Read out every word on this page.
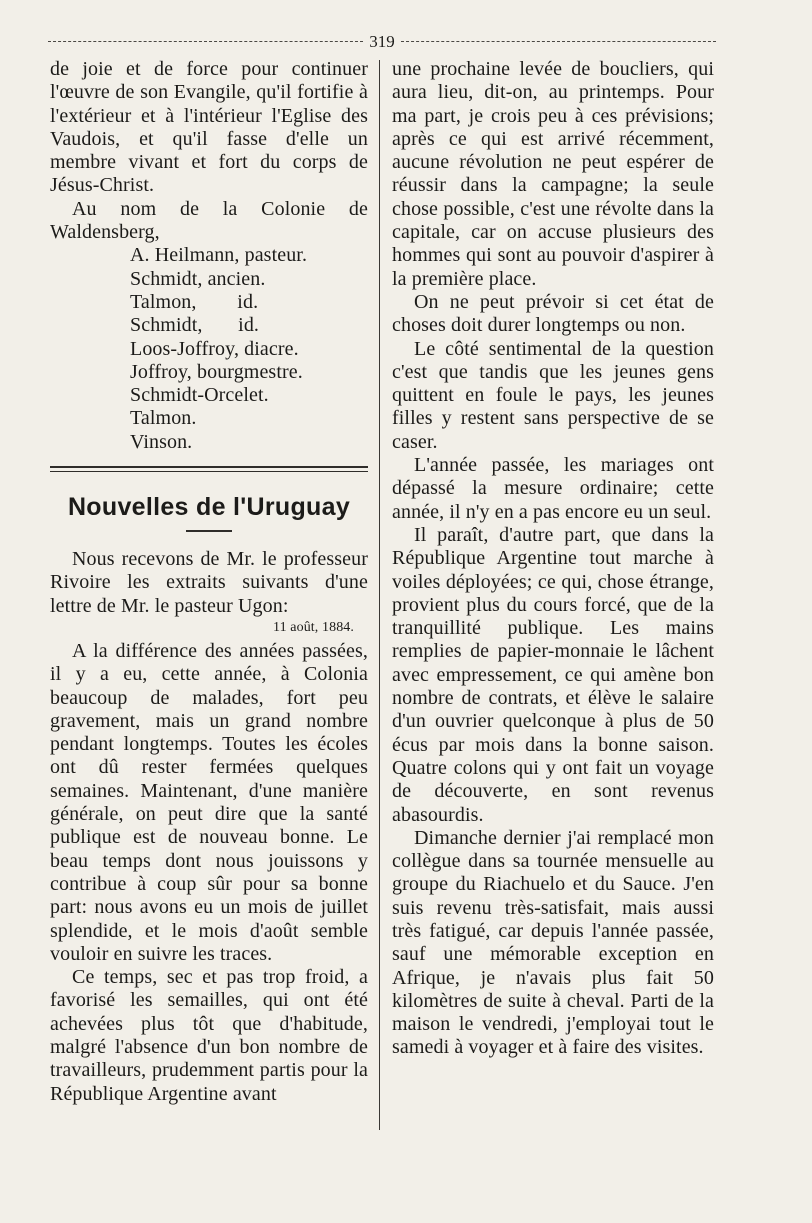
319

de joie et de force pour continuer l'œuvre de son Evangile, qu'il fortifie à l'extérieur et à l'intérieur l'Eglise des Vaudois, et qu'il fasse d'elle un membre vivant et fort du corps de Jésus-Christ.

Au nom de la Colonie de Waldensberg,

A. Heilmann, pasteur.
Schmidt, ancien.
Talmon,        id.
Schmidt,       id.
Loos-Joffroy, diacre.
Joffroy, bourgmestre.
Schmidt-Orcelet.
Talmon.
Vinson.
Nouvelles de l'Uruguay

Nous recevons de Mr. le professeur Rivoire les extraits suivants d'une lettre de Mr. le pasteur Ugon:

11 août, 1884.

A la différence des années passées, il y a eu, cette année, à Colonia beaucoup de malades, fort peu gravement, mais un grand nombre pendant longtemps. Toutes les écoles ont dû rester fermées quelques semaines. Maintenant, d'une manière générale, on peut dire que la santé publique est de nouveau bonne. Le beau temps dont nous jouissons y contribue à coup sûr pour sa bonne part: nous avons eu un mois de juillet splendide, et le mois d'août semble vouloir en suivre les traces.

Ce temps, sec et pas trop froid, a favorisé les semailles, qui ont été achevées plus tôt que d'habitude, malgré l'absence d'un bon nombre de travailleurs, prudemment partis pour la République Argentine avant

une prochaine levée de boucliers, qui aura lieu, dit-on, au printemps. Pour ma part, je crois peu à ces prévisions; après ce qui est arrivé récemment, aucune révolution ne peut espérer de réussir dans la campagne; la seule chose possible, c'est une révolte dans la capitale, car on accuse plusieurs des hommes qui sont au pouvoir d'aspirer à la première place.

On ne peut prévoir si cet état de choses doit durer longtemps ou non.

Le côté sentimental de la question c'est que tandis que les jeunes gens quittent en foule le pays, les jeunes filles y restent sans perspective de se caser.

L'année passée, les mariages ont dépassé la mesure ordinaire; cette année, il n'y en a pas encore eu un seul.

Il paraît, d'autre part, que dans la République Argentine tout marche à voiles déployées; ce qui, chose étrange, provient plus du cours forcé, que de la tranquillité publique. Les mains remplies de papier-monnaie le lâchent avec empressement, ce qui amène bon nombre de contrats, et élève le salaire d'un ouvrier quelconque à plus de 50 écus par mois dans la bonne saison. Quatre colons qui y ont fait un voyage de découverte, en sont revenus abasourdis.

Dimanche dernier j'ai remplacé mon collègue dans sa tournée mensuelle au groupe du Riachuelo et du Sauce. J'en suis revenu très-satisfait, mais aussi très fatigué, car depuis l'année passée, sauf une mémorable exception en Afrique, je n'avais plus fait 50 kilomètres de suite à cheval. Parti de la maison le vendredi, j'employai tout le samedi à voyager et à faire des visites.
